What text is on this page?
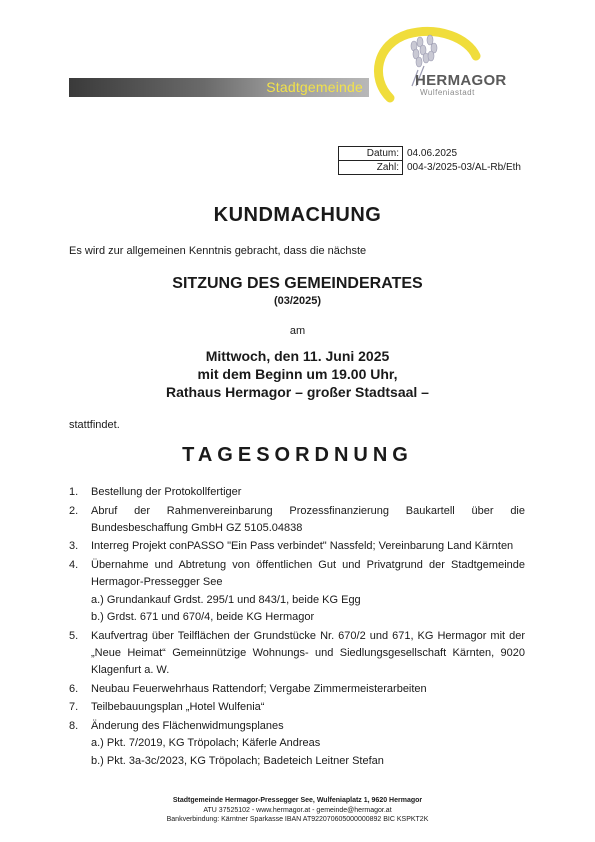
Stadtgemeinde	HERMAGOR
Wulfeniastadt
Datum:	04.06.2025
Zahl:	004-3/2025-03/AL-Rb/Eth
KUNDMACHUNG
Es wird zur allgemeinen Kenntnis gebracht, dass die nächste
SITZUNG DES GEMEINDERATES
(03/2025)
am
Mittwoch, den 11. Juni 2025
mit dem Beginn um 19.00 Uhr,
Rathaus Hermagor – großer Stadtsaal –
stattfindet.
TAGESORDNUNG
1. Bestellung der Protokollfertiger
2. Abruf der Rahmenvereinbarung Prozessfinanzierung Baukartell über die Bundesbeschaffung GmbH GZ 5105.04838
3. Interreg Projekt conPASSO "Ein Pass verbindet" Nassfeld; Vereinbarung Land Kärnten
4. Übernahme und Abtretung von öffentlichen Gut und Privatgrund der Stadtgemeinde Hermagor-Pressegger See
a.) Grundankauf Grdst. 295/1 und 843/1, beide KG Egg
b.) Grdst. 671 und 670/4, beide KG Hermagor
5. Kaufvertrag über Teilflächen der Grundstücke Nr. 670/2 und 671, KG Hermagor mit der „Neue Heimat“ Gemeinnützige Wohnungs- und Siedlungsgesellschaft Kärnten, 9020 Klagenfurt a. W.
6. Neubau Feuerwehrhaus Rattendorf; Vergabe Zimmermeisterarbeiten
7. Teilbebauungsplan „Hotel Wulfenia“
8. Änderung des Flächenwidmungsplanes
a.) Pkt. 7/2019, KG Tröpolach; Käferle Andreas
b.) Pkt. 3a-3c/2023, KG Tröpolach; Badeteich Leitner Stefan
Stadtgemeinde Hermagor-Pressegger See, Wulfeniaplatz 1, 9620 Hermagor
ATU 37525102 - www.hermagor.at - gemeinde@hermagor.at
Bankverbindung: Kärntner Sparkasse IBAN AT922070605000000892 BIC KSPKT2K
